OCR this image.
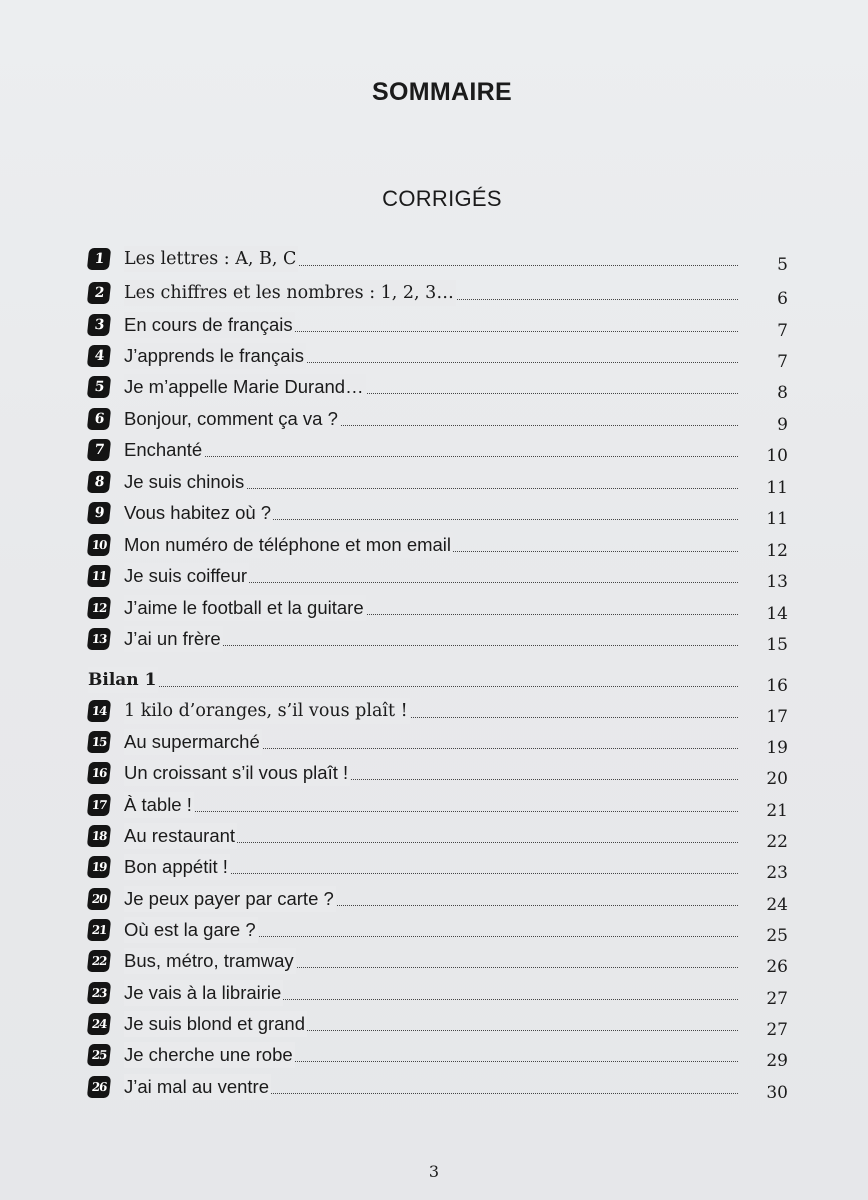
SOMMAIRE
CORRIGÉS
1	Les lettres : A, B, C	5
2	Les chiffres et les nombres : 1, 2, 3…	6
3	En cours de français	7
4	J’apprends le français	7
5	Je m’appelle Marie Durand…	8
6	Bonjour, comment ça va ?	9
7	Enchanté	10
8	Je suis chinois	11
9	Vous habitez où ?	11
10 Mon numéro de téléphone et mon email	12
11 Je suis coiffeur	13
12 J’aime le football et la guitare	14
13 J’ai un frère	15
Bilan 1	16
14 1 kilo d’oranges, s’il vous plaît !	17
15 Au supermarché	19
16 Un croissant s’il vous plaît !	20
17 À table !	21
18 Au restaurant	22
19 Bon appétit !	23
20 Je peux payer par carte ?	24
21 Où est la gare ?	25
22 Bus, métro, tramway	26
23 Je vais à la librairie	27
24 Je suis blond et grand	27
25 Je cherche une robe	29
26 J’ai mal au ventre	30
3
